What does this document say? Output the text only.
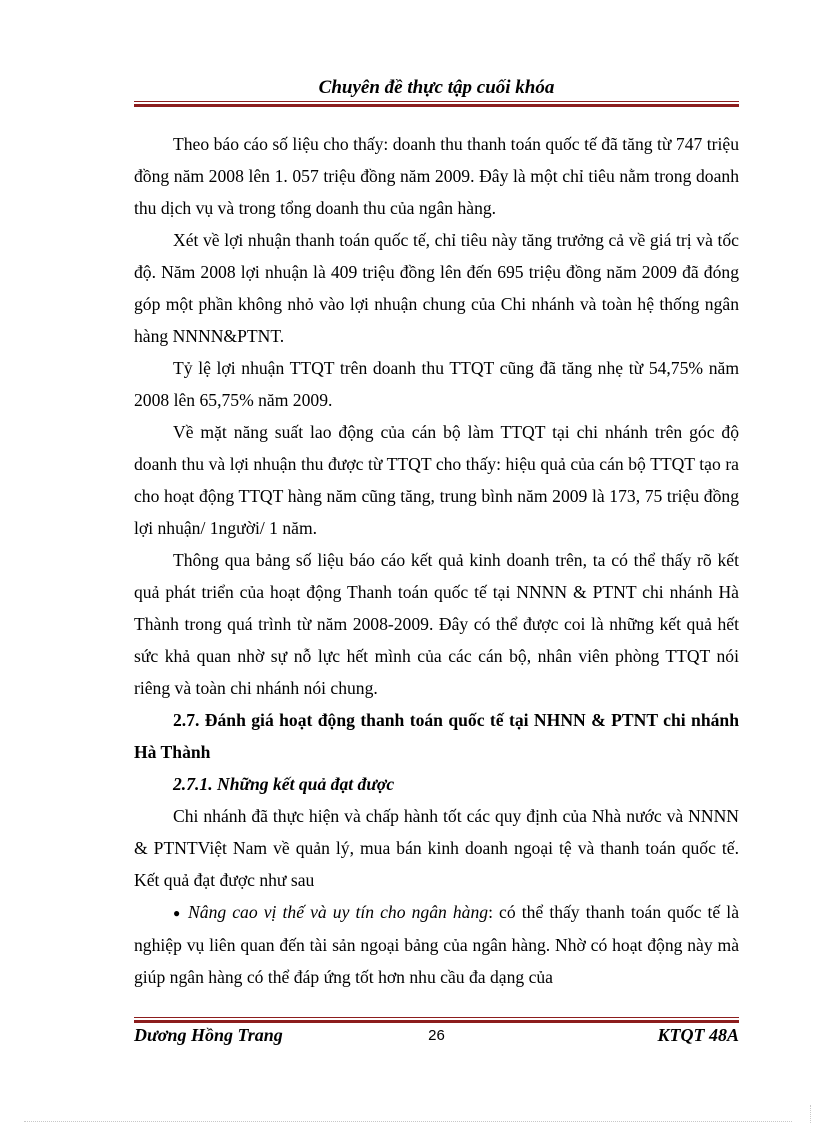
Chuyên đề thực tập cuối khóa

Theo báo cáo số liệu cho thấy: doanh thu thanh toán quốc tế đã tăng từ 747 triệu đồng năm 2008 lên 1. 057 triệu đồng năm 2009. Đây là một chỉ tiêu nằm trong doanh thu dịch vụ và trong tổng doanh thu của ngân hàng.

Xét về lợi nhuận thanh toán quốc tế, chỉ tiêu này tăng trưởng cả về giá trị và tốc độ. Năm 2008 lợi nhuận là 409 triệu đồng lên đến 695 triệu đồng năm 2009 đã đóng góp một phần không nhỏ vào lợi nhuận chung của Chi nhánh và toàn hệ thống ngân hàng NNNN&PTNT.

Tỷ lệ lợi nhuận TTQT trên doanh thu TTQT cũng đã tăng nhẹ từ 54,75% năm 2008 lên 65,75% năm 2009.

Về mặt năng suất lao động của cán bộ làm TTQT tại chi nhánh trên góc độ doanh thu và lợi nhuận thu được từ TTQT cho thấy: hiệu quả của cán bộ TTQT tạo ra cho hoạt động TTQT hàng năm cũng tăng, trung bình năm 2009 là 173, 75 triệu đồng lợi nhuận/ 1người/ 1 năm.

Thông qua bảng số liệu báo cáo kết quả kinh doanh trên, ta có thể thấy rõ kết quả phát triển của hoạt động Thanh toán quốc tế tại NNNN & PTNT chi nhánh Hà Thành trong quá trình từ năm 2008-2009. Đây có thể được coi là những kết quả hết sức khả quan nhờ sự nỗ lực hết mình của các cán bộ, nhân viên phòng TTQT nói riêng và toàn chi nhánh nói chung.

2.7. Đánh giá hoạt động thanh toán quốc tế tại NHNN & PTNT chi nhánh Hà Thành

2.7.1. Những kết quả đạt được

Chi nhánh đã thực hiện và chấp hành tốt các quy định của Nhà nước và NNNN & PTNTViệt Nam về quản lý, mua bán kinh doanh ngoại tệ và thanh toán quốc tế. Kết quả đạt được như sau

● Nâng cao vị thế và uy tín cho ngân hàng: có thể thấy thanh toán quốc tế là nghiệp vụ liên quan đến tài sản ngoại bảng của ngân hàng. Nhờ có hoạt động này mà giúp ngân hàng có thể đáp ứng tốt hơn nhu cầu đa dạng của

Dương Hồng Trang	26	KTQT 48A
